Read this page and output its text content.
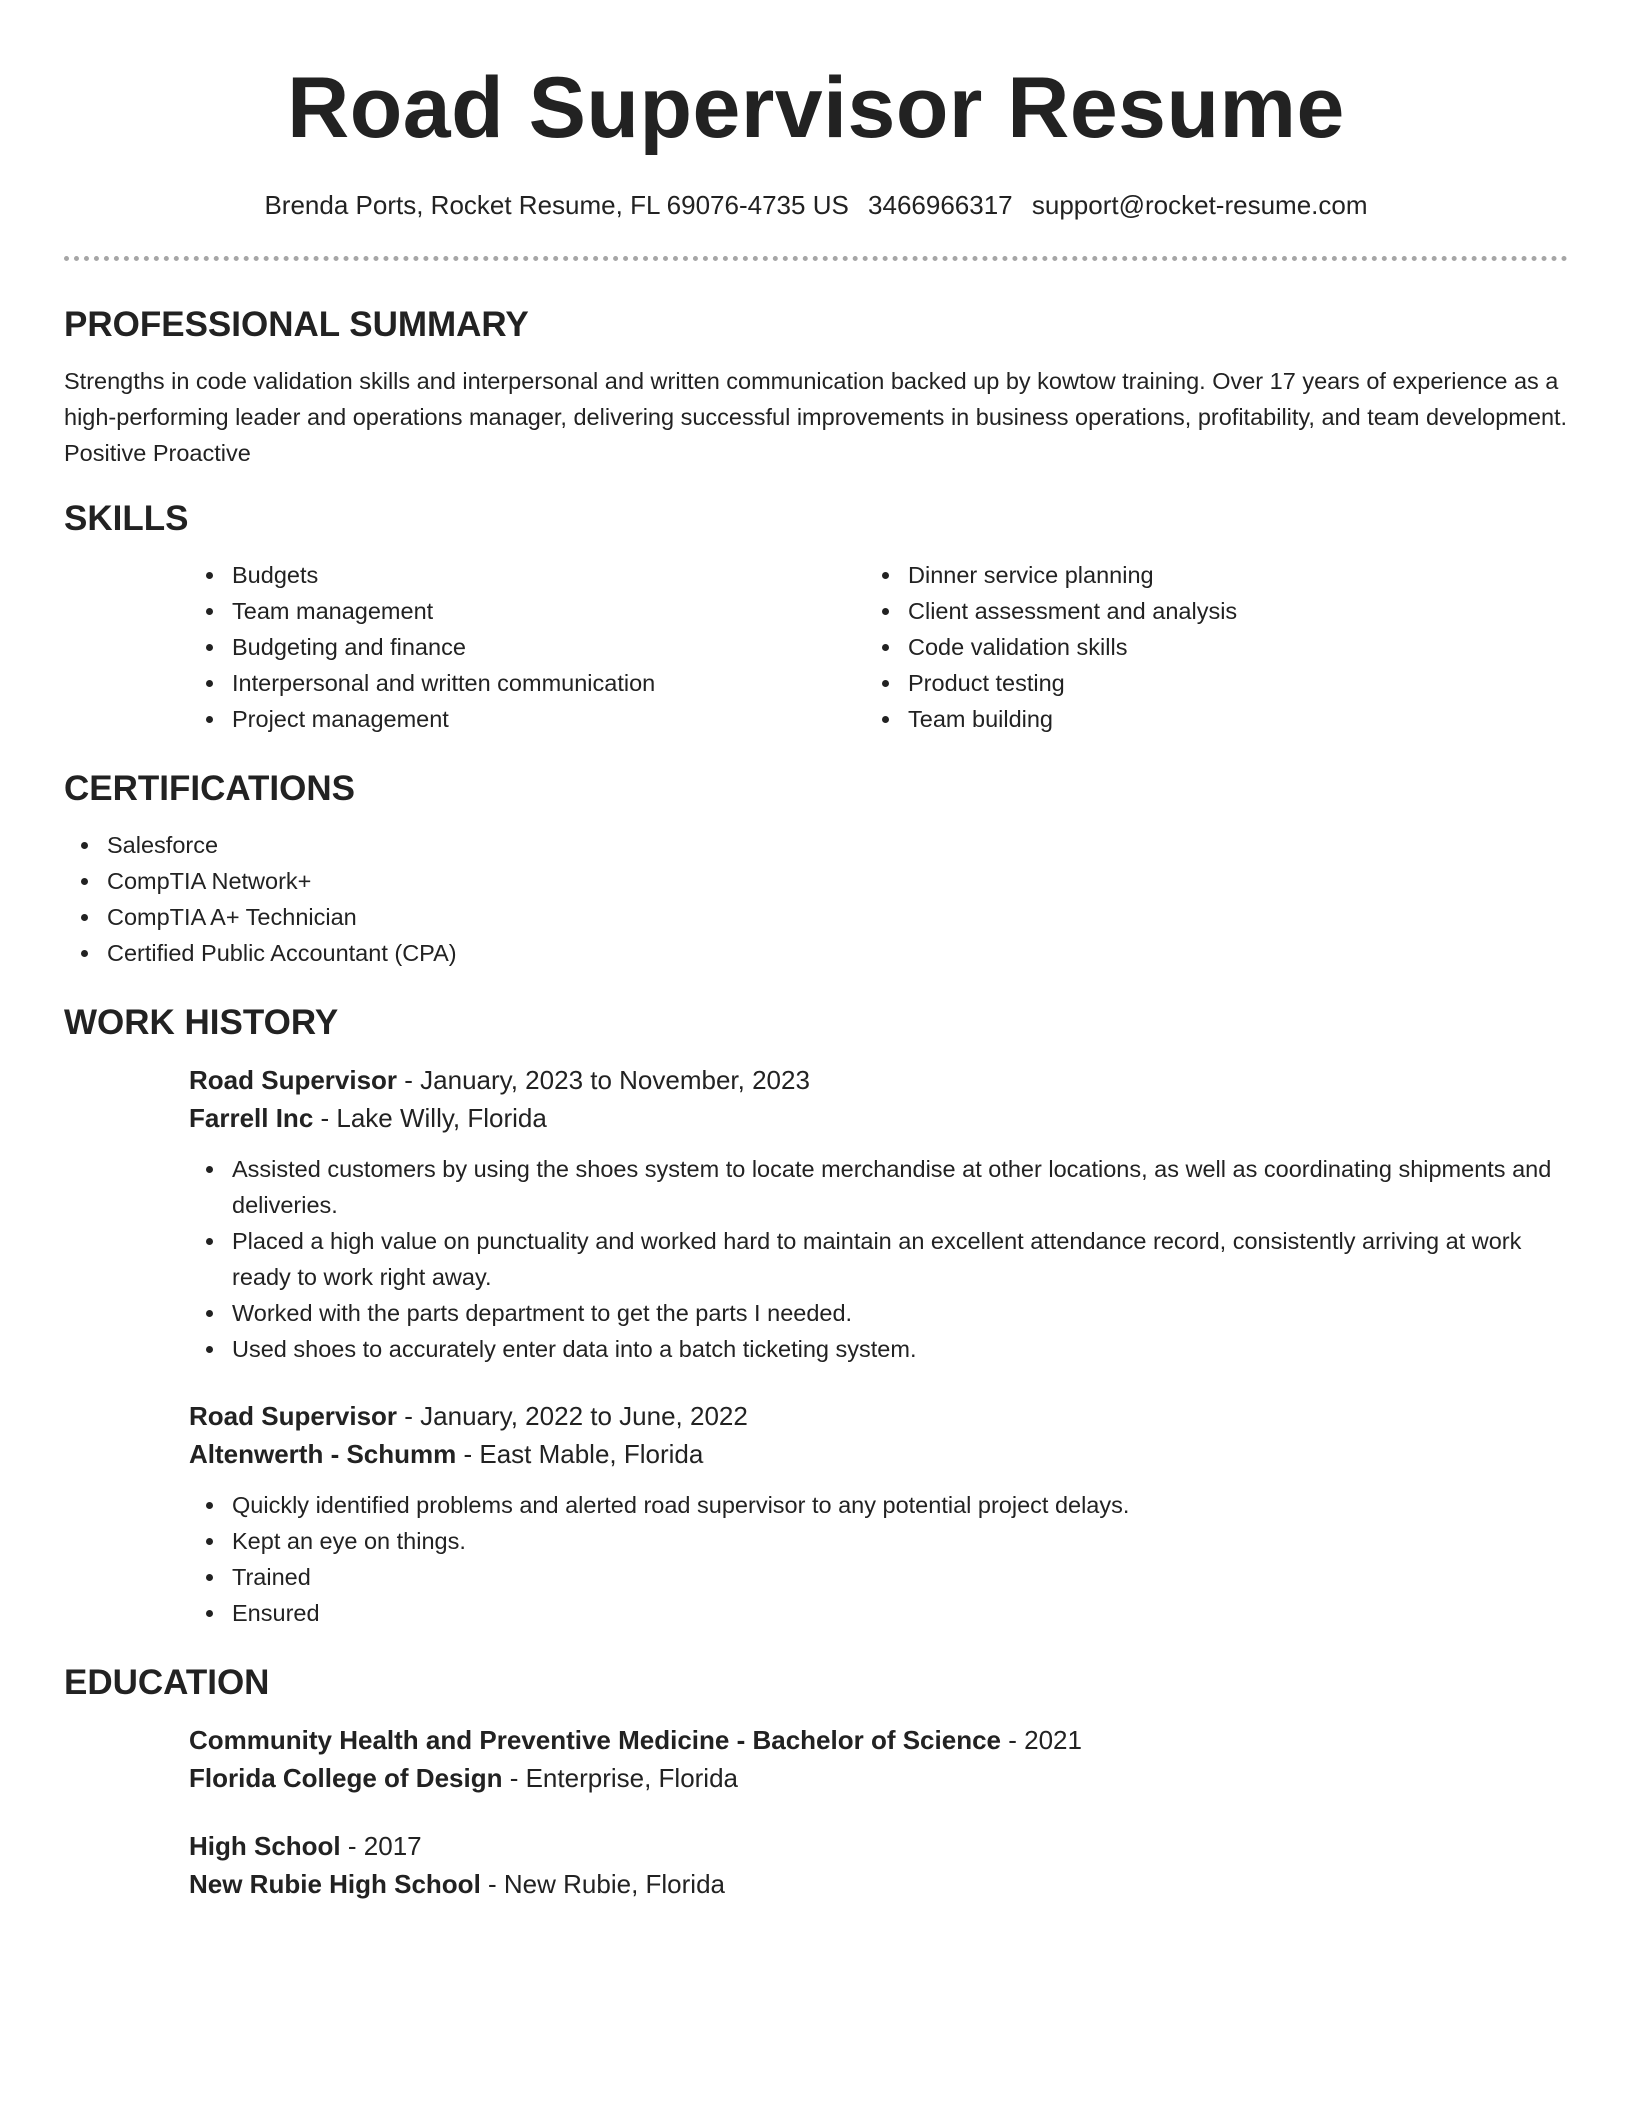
Road Supervisor Resume
Brenda Ports, Rocket Resume, FL 69076-4735 US 3466966317 support@rocket-resume.com
PROFESSIONAL SUMMARY

Strengths in code validation skills and interpersonal and written communication backed up by kowtow training. Over 17 years of experience as a high-performing leader and operations manager, delivering successful improvements in business operations, profitability, and team development. Positive Proactive

SKILLS
Budgets
Team management
Budgeting and finance
Interpersonal and written communication
Project management
Dinner service planning
Client assessment and analysis
Code validation skills
Product testing
Team building
CERTIFICATIONS
Salesforce
CompTIA Network+
CompTIA A+ Technician
Certified Public Accountant (CPA)
WORK HISTORY
Road Supervisor - January, 2023 to November, 2023
Farrell Inc - Lake Willy, Florida
Assisted customers by using the shoes system to locate merchandise at other locations, as well as coordinating shipments and deliveries.
Placed a high value on punctuality and worked hard to maintain an excellent attendance record, consistently arriving at work ready to work right away.
Worked with the parts department to get the parts I needed.
Used shoes to accurately enter data into a batch ticketing system.
Road Supervisor - January, 2022 to June, 2022
Altenwerth - Schumm - East Mable, Florida
Quickly identified problems and alerted road supervisor to any potential project delays.
Kept an eye on things.
Trained
Ensured
EDUCATION
Community Health and Preventive Medicine - Bachelor of Science - 2021
Florida College of Design - Enterprise, Florida
High School - 2017
New Rubie High School - New Rubie, Florida
